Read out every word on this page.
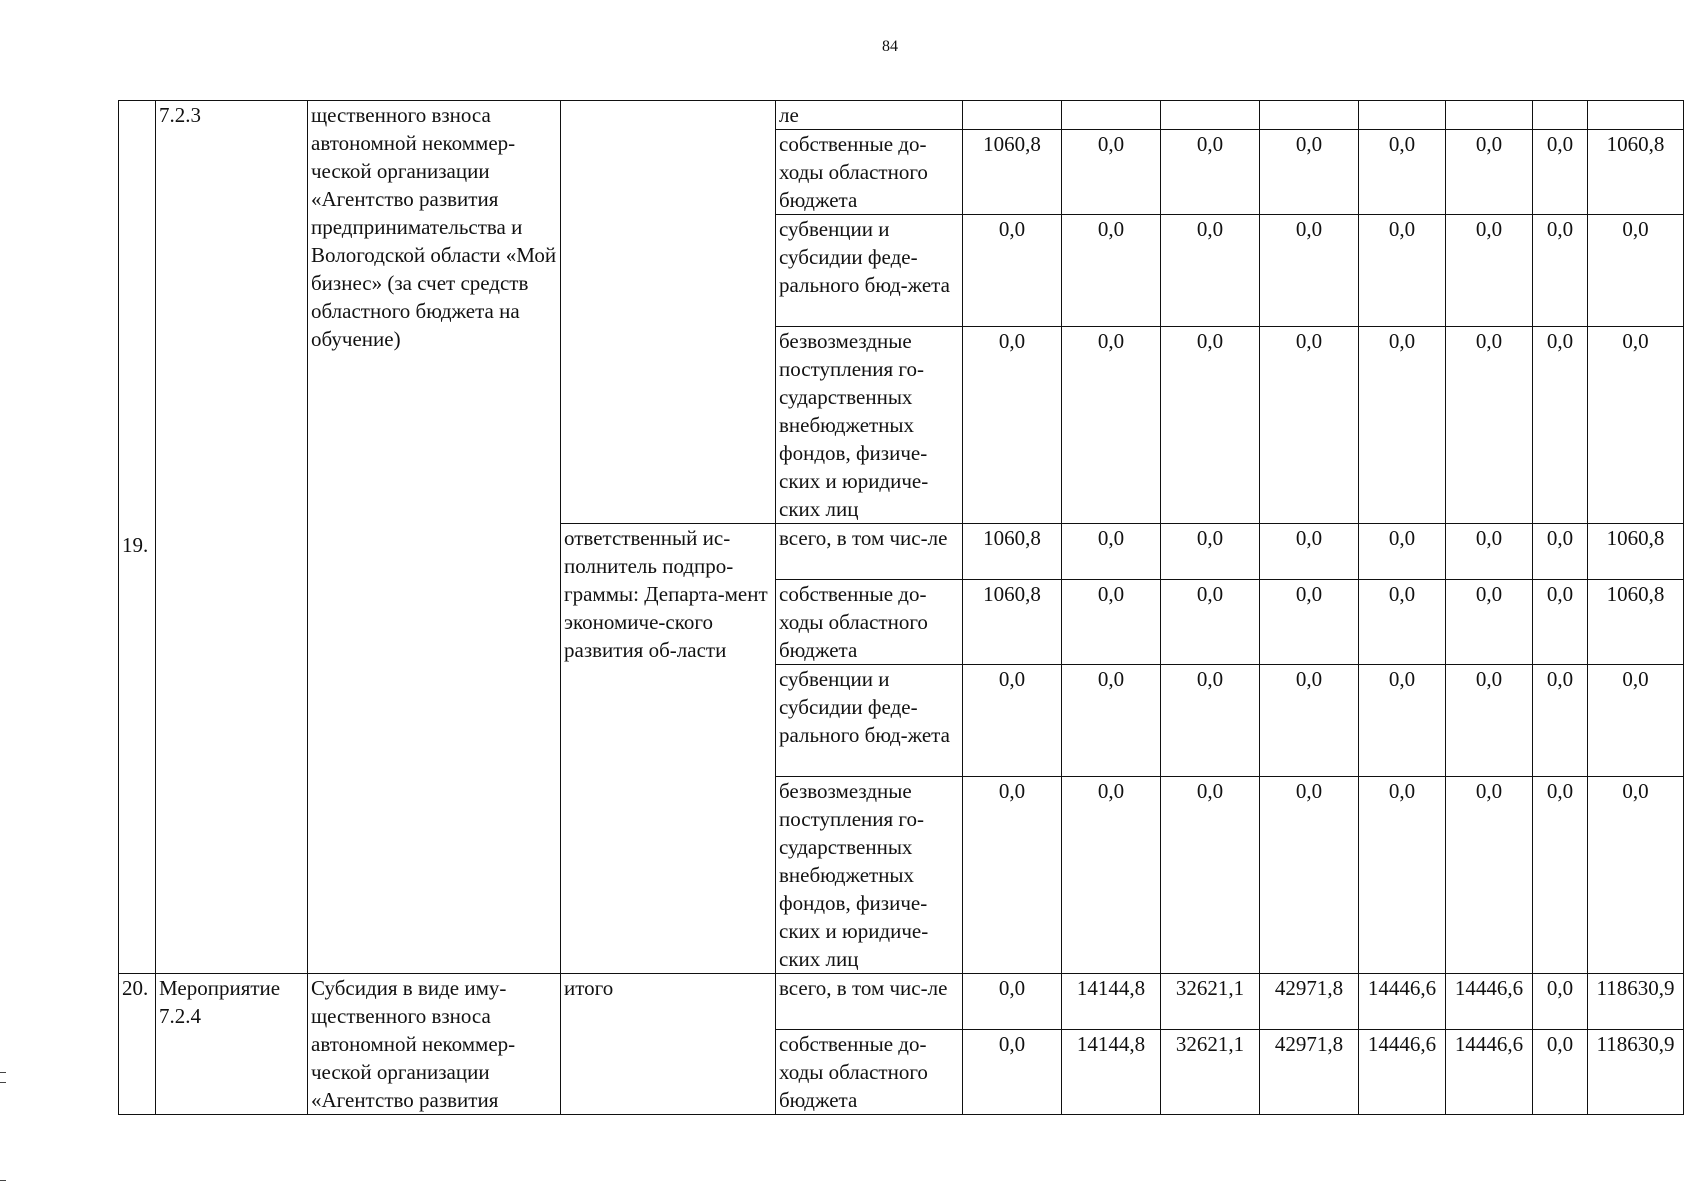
84
19.	7.2.3	щественного взноса автономной некоммер-ческой организации «Агентство развития предпринимательства и Вологодской области «Мой бизнес» (за счет средств областного бюджета на обучение)		ле								
				собственные до-ходы областного бюджета	1060,8	0,0	0,0	0,0	0,0	0,0	0,0	1060,8
				субвенции и субсидии феде-рального бюд-жета	0,0	0,0	0,0	0,0	0,0	0,0	0,0	0,0
				безвозмездные поступления го-сударственных внебюджетных фондов, физиче-ских и юридиче-ских лиц	0,0	0,0	0,0	0,0	0,0	0,0	0,0	0,0
			ответственный ис-полнитель подпро-граммы: Департа-мент экономиче-ского развития об-ласти	всего, в том чис-ле	1060,8	0,0	0,0	0,0	0,0	0,0	0,0	1060,8
				собственные до-ходы областного бюджета	1060,8	0,0	0,0	0,0	0,0	0,0	0,0	1060,8
				субвенции и субсидии феде-рального бюд-жета	0,0	0,0	0,0	0,0	0,0	0,0	0,0	0,0
				безвозмездные поступления го-сударственных внебюджетных фондов, физиче-ских и юридиче-ских лиц	0,0	0,0	0,0	0,0	0,0	0,0	0,0	0,0
20.	Мероприятие 7.2.4	Субсидия в виде иму-щественного взноса автономной некоммер-ческой организации «Агентство развития	итого	всего, в том чис-ле	0,0	14144,8	32621,1	42971,8	14446,6	14446,6	0,0	118630,9
				собственные до-ходы областного бюджета	0,0	14144,8	32621,1	42971,8	14446,6	14446,6	0,0	118630,9
